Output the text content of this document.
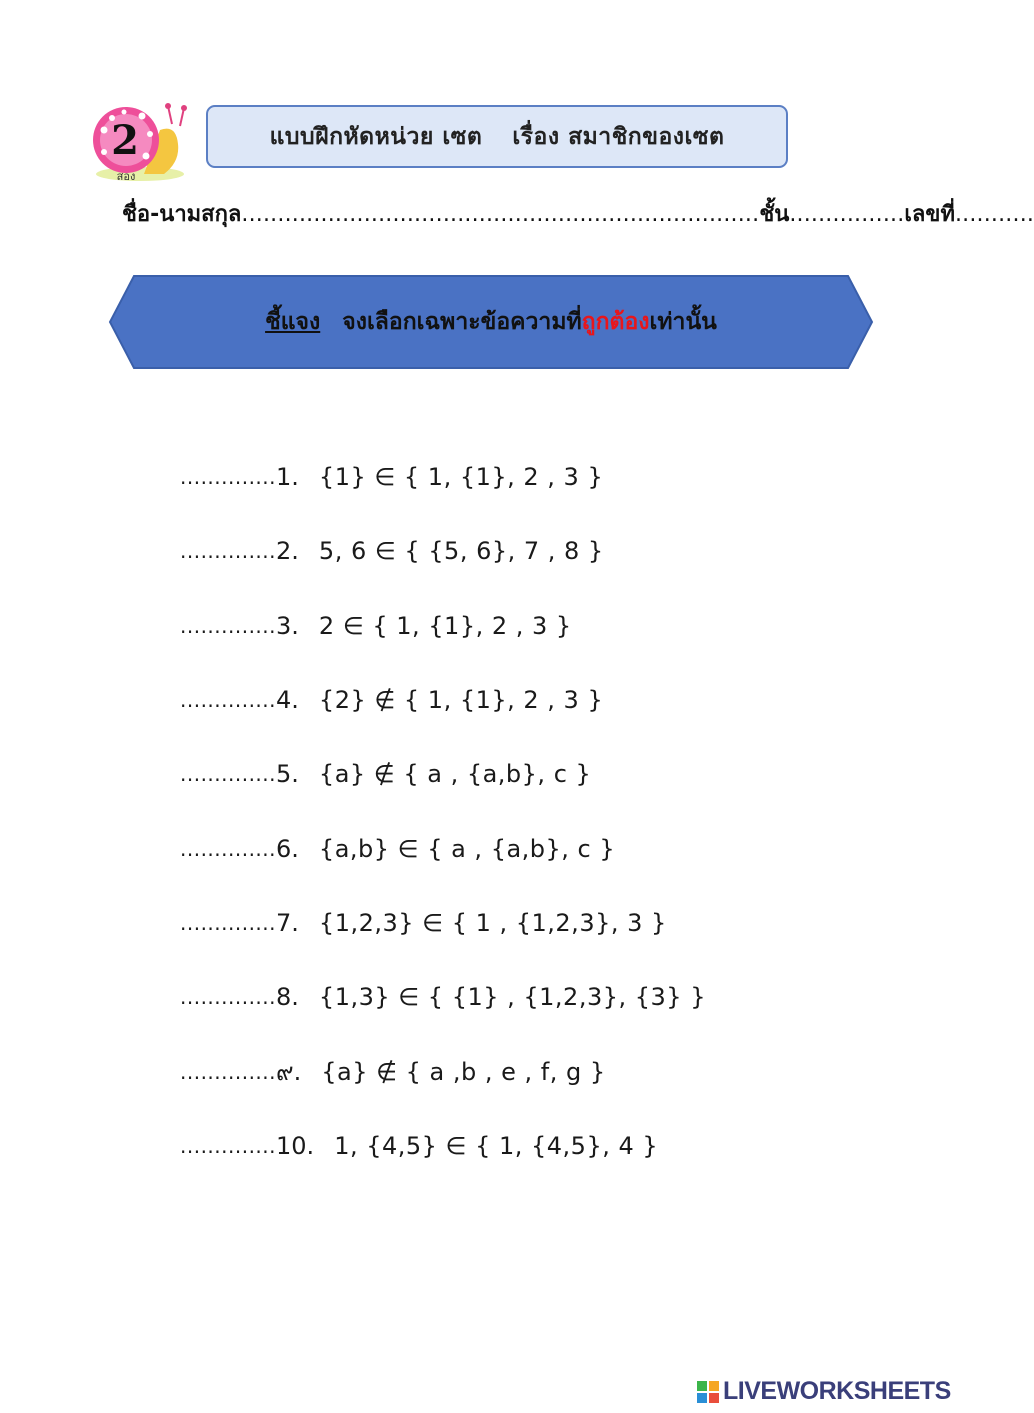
2
สอง
แบบฝึกหัดหน่วย เซต เรื่อง สมาชิกของเซต
ชื่อ-นามสกุล........................................................................ชั้น................เลขที่...........
ชี้แจง จงเลือกเฉพาะข้อความที่ ถูกต้อง เท่านั้น
.............. 1. {1} ∈ { 1, {1}, 2 , 3 }
.............. 2. 5, 6 ∈ { {5, 6}, 7 , 8 }
.............. 3. 2 ∈ { 1, {1}, 2 , 3 }
.............. 4. {2} ∉ { 1, {1}, 2 , 3 }
.............. 5. {a} ∉ { a , {a,b}, c }
.............. 6. {a,b} ∈ { a , {a,b}, c }
.............. 7. {1,2,3} ∈ { 1 , {1,2,3}, 3 }
.............. 8. {1,3} ∈ { {1} , {1,2,3}, {3} }
.............. ๙. {a} ∉ { a ,b , e , f, g }
.............. 10. 1, {4,5} ∈ { 1, {4,5}, 4 }
LIVEWORKSHEETS
